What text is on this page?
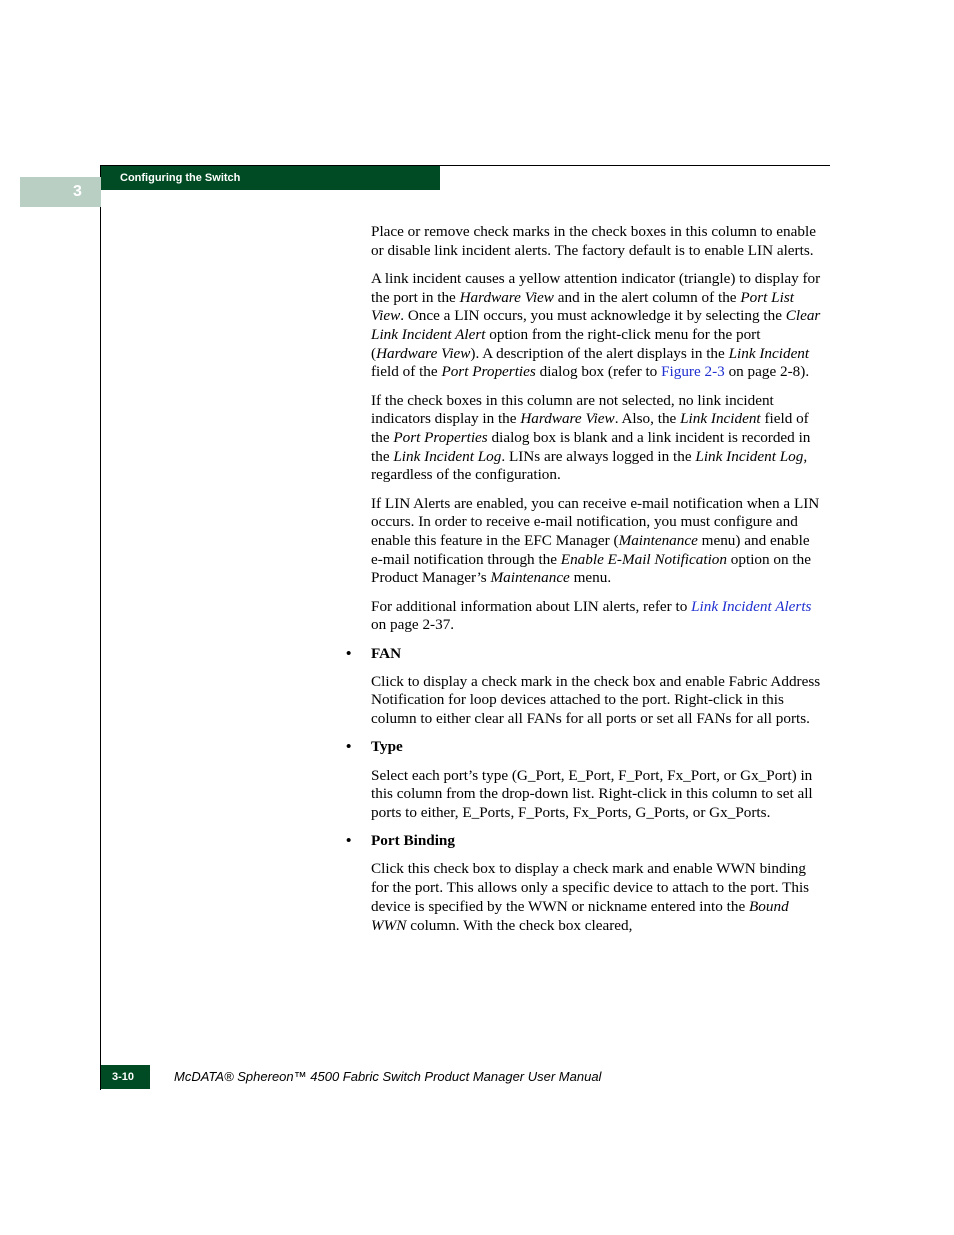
3
Configuring the Switch

Place or remove check marks in the check boxes in this column to enable or disable link incident alerts. The factory default is to enable LIN alerts.

A link incident causes a yellow attention indicator (triangle) to display for the port in the Hardware View and in the alert column of the Port List View. Once a LIN occurs, you must acknowledge it by selecting the Clear Link Incident Alert option from the right-click menu for the port (Hardware View). A description of the alert displays in the Link Incident field of the Port Properties dialog box (refer to Figure 2-3 on page 2-8).

If the check boxes in this column are not selected, no link incident indicators display in the Hardware View. Also, the Link Incident field of the Port Properties dialog box is blank and a link incident is recorded in the Link Incident Log. LINs are always logged in the Link Incident Log, regardless of the configuration.

If LIN Alerts are enabled, you can receive e-mail notification when a LIN occurs. In order to receive e-mail notification, you must configure and enable this feature in the EFC Manager (Maintenance menu) and enable e-mail notification through the Enable E-Mail Notification option on the Product Manager’s Maintenance menu.

For additional information about LIN alerts, refer to Link Incident Alerts on page 2-37.

• FAN

Click to display a check mark in the check box and enable Fabric Address Notification for loop devices attached to the port. Right-click in this column to either clear all FANs for all ports or set all FANs for all ports.

• Type

Select each port’s type (G_Port, E_Port, F_Port, Fx_Port, or Gx_Port) in this column from the drop-down list. Right-click in this column to set all ports to either, E_Ports, F_Ports, Fx_Ports, G_Ports, or Gx_Ports.

• Port Binding

Click this check box to display a check mark and enable WWN binding for the port. This allows only a specific device to attach to the port. This device is specified by the WWN or nickname entered into the Bound WWN column. With the check box cleared,

3-10	McDATA® Sphereon™ 4500 Fabric Switch Product Manager User Manual
